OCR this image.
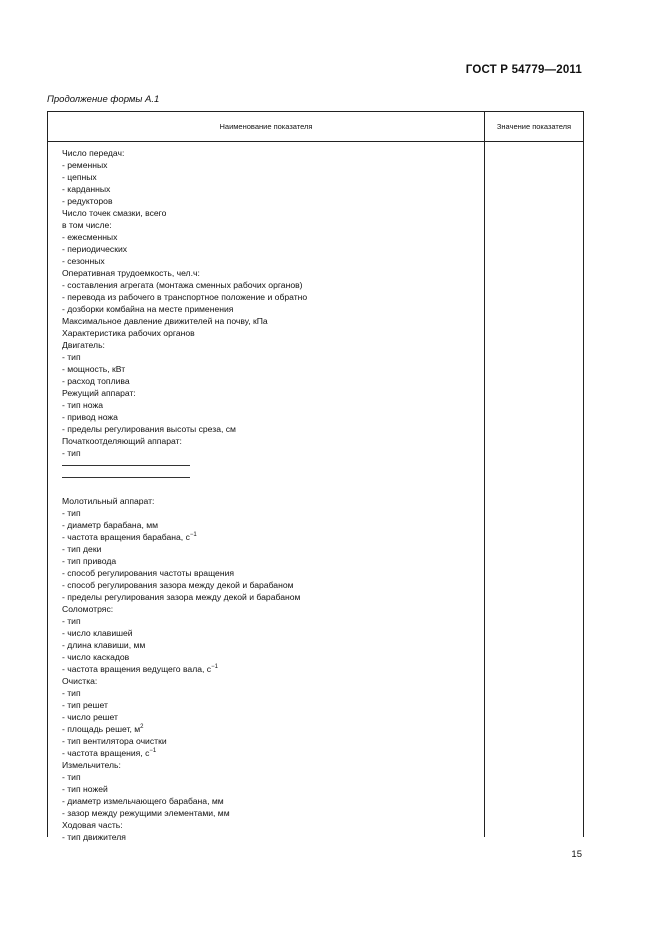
ГОСТ Р 54779—2011
Продолжение формы А.1
Наименование показателя	Значение показателя
Число передач:
- ременных
- цепных
- карданных
- редукторов
Число точек смазки, всего
в том числе:
- ежесменных
- периодических
- сезонных
Оперативная трудоемкость, чел.ч:
- составления агрегата (монтажа сменных рабочих органов)
- перевода из рабочего в транспортное положение и обратно
- дозборки комбайна на месте применения
Максимальное давление движителей на почву, кПа
Характеристика рабочих органов
Двигатель:
- тип
- мощность, кВт
- расход топлива
Режущий аппарат:
- тип ножа
- привод ножа
- пределы регулирования высоты среза, см
Початкоотделяющий аппарат:
- тип
Молотильный аппарат:
- тип
- диаметр барабана, мм
- частота вращения барабана, $с^{-1}$
- тип деки
- тип привода
- способ регулирования частоты вращения
- способ регулирования зазора между декой и барабаном
- пределы регулирования зазора между декой и барабаном
Соломотряс:
- тип
- число клавишей
- длина клавиши, мм
- число каскадов
- частота вращения ведущего вала, $с^{-1}$
Очистка:
- тип
- тип решет
- число решет
- площадь решет, $м^2$
- тип вентилятора очистки
- частота вращения, $с^{-1}$
Измельчитель:
- тип
- тип ножей
- диаметр измельчающего барабана, мм
- зазор между режущими элементами, мм
Ходовая часть:
- тип движителя
15
